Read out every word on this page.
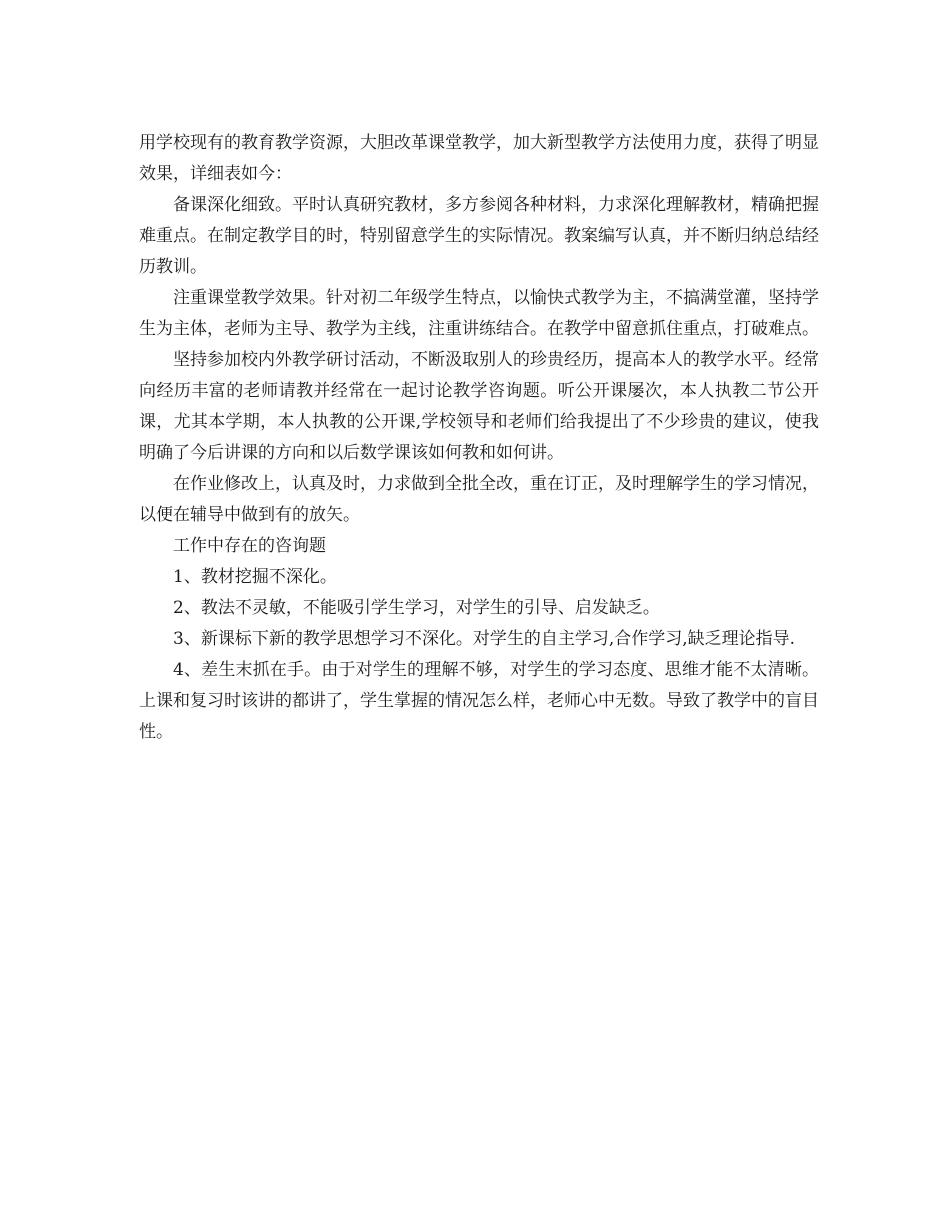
用学校现有的教育教学资源，大胆改革课堂教学，加大新型教学方法使用力度，获得了明显效果，详细表如今：

备课深化细致。平时认真研究教材，多方参阅各种材料，力求深化理解教材，精确把握难重点。在制定教学目的时，特别留意学生的实际情况。教案编写认真，并不断归纳总结经历教训。

注重课堂教学效果。针对初二年级学生特点，以愉快式教学为主，不搞满堂灌，坚持学生为主体，老师为主导、教学为主线，注重讲练结合。在教学中留意抓住重点，打破难点。

坚持参加校内外教学研讨活动，不断汲取别人的珍贵经历，提高本人的教学水平。经常向经历丰富的老师请教并经常在一起讨论教学咨询题。听公开课屡次，本人执教二节公开课，尤其本学期，本人执教的公开课,学校领导和老师们给我提出了不少珍贵的建议，使我明确了今后讲课的方向和以后数学课该如何教和如何讲。

在作业修改上，认真及时，力求做到全批全改，重在订正，及时理解学生的学习情况，以便在辅导中做到有的放矢。

工作中存在的咨询题

1、教材挖掘不深化。

2、教法不灵敏，不能吸引学生学习，对学生的引导、启发缺乏。

3、新课标下新的教学思想学习不深化。对学生的自主学习,合作学习,缺乏理论指导.

4、差生末抓在手。由于对学生的理解不够，对学生的学习态度、思维才能不太清晰。上课和复习时该讲的都讲了，学生掌握的情况怎么样，老师心中无数。导致了教学中的盲目性。
